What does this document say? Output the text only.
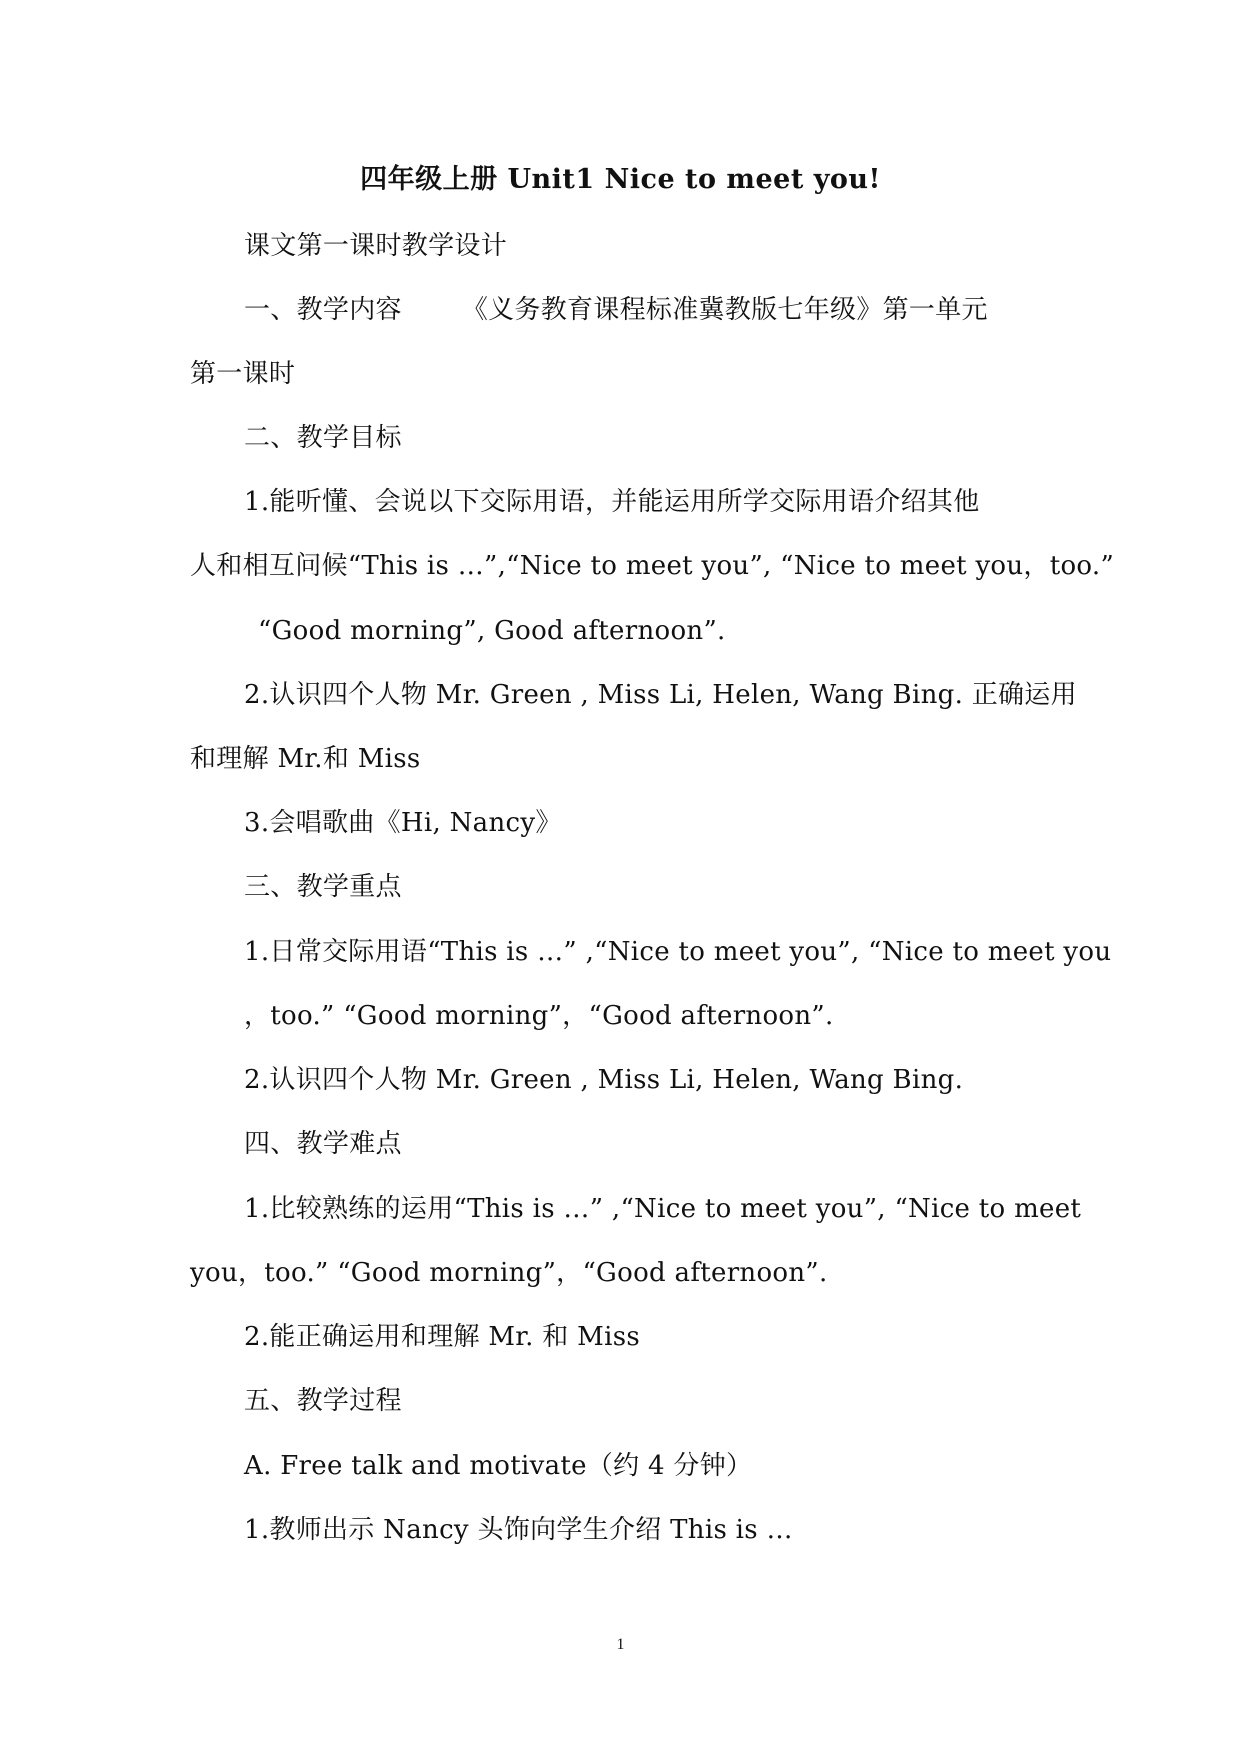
四年级上册 Unit1 Nice to meet you!
课文第一课时教学设计
一、教学内容 《义务教育课程标准冀教版七年级》第一单元
第一课时
二、教学目标
1.能听懂、会说以下交际用语，并能运用所学交际用语介绍其他
人和相互问候“This is …”,“Nice to meet you”, “Nice to meet you，too.”
“Good morning”, Good afternoon”.
2.认识四个人物 Mr. Green , Miss Li, Helen, Wang Bing. 正确运用
和理解 Mr.和 Miss
3.会唱歌曲《Hi, Nancy》
三、教学重点
1.日常交际用语“This is …” ,“Nice to meet you”, “Nice to meet you
，too.” “Good morning”，“Good afternoon”.
2.认识四个人物 Mr. Green , Miss Li, Helen, Wang Bing.
四、教学难点
1.比较熟练的运用“This is …” ,“Nice to meet you”, “Nice to meet
you，too.” “Good morning”，“Good afternoon”.
2.能正确运用和理解 Mr. 和 Miss
五、教学过程
A. Free talk and motivate（约 4 分钟）
1.教师出示 Nancy 头饰向学生介绍 This is …
1
